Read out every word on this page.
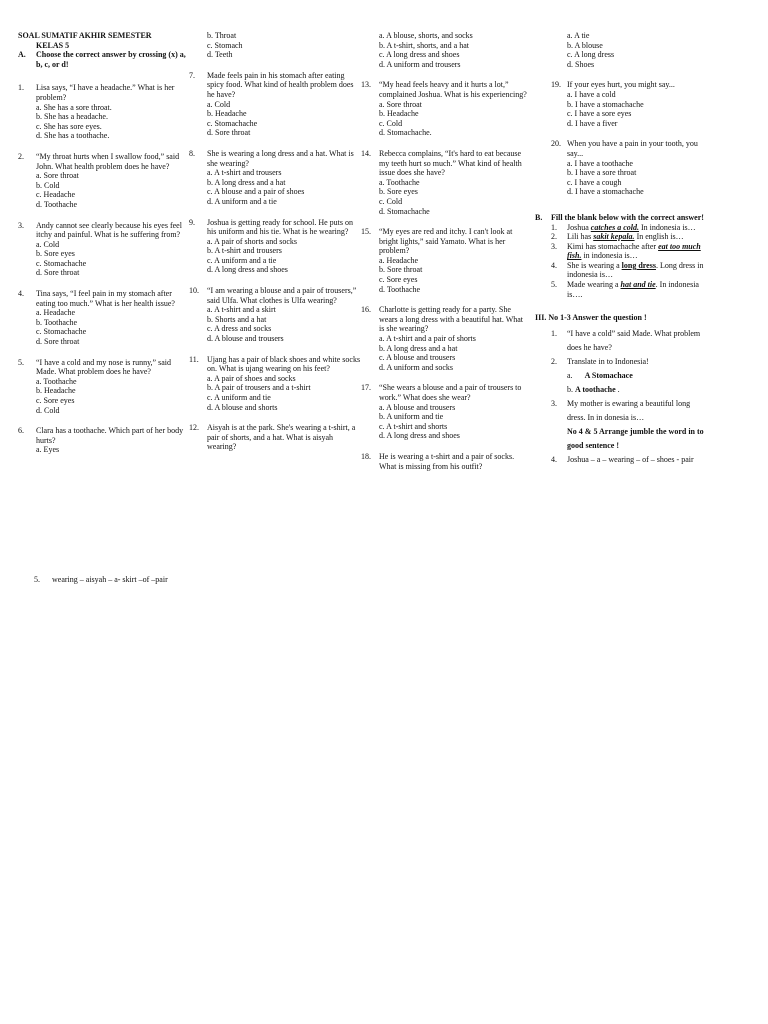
SOAL SUMATIF AKHIR SEMESTER
KELAS 5
A. Choose the correct answer by crossing (x) a, b, c, or d!
1. Lisa says, “I have a headache.” What is her problem?
a. She has a sore throat.
b. She has a headache.
c. She has sore eyes.
d. She has a toothache.
2. “My throat hurts when I swallow food,” said John. What health problem does he have?
a. Sore throat
b. Cold
c. Headache
d. Toothache
3. Andy cannot see clearly because his eyes feel itchy and painful. What is he suffering from?
a. Cold
b. Sore eyes
c. Stomachache
d. Sore throat
4. Tina says, “I feel pain in my stomach after eating too much.” What is her health issue?
a. Headache
b. Toothache
c. Stomachache
d. Sore throat
5. “I have a cold and my nose is runny,” said Made. What problem does he have?
a. Toothache
b. Headache
c. Sore eyes
d. Cold
6. Clara has a toothache. Which part of her body hurts?
a. Eyes
b. Throat
c. Stomach
d. Teeth
7. Made feels pain in his stomach after eating spicy food. What kind of health problem does he have?
a. Cold
b. Headache
c. Stomachache
d. Sore throat
8. She is wearing a long dress and a hat. What is she wearing?
a. A t-shirt and trousers
b. A long dress and a hat
c. A blouse and a pair of shoes
d. A uniform and a tie
9. Joshua is getting ready for school. He puts on his uniform and his tie. What is he wearing?
a. A pair of shorts and socks
b. A t-shirt and trousers
c. A uniform and a tie
d. A long dress and shoes
10. “I am wearing a blouse and a pair of trousers,” said Ulfa. What clothes is Ulfa wearing?
a. A t-shirt and a skirt
b. Shorts and a hat
c. A dress and socks
d. A blouse and trousers
11. Ujang has a pair of black shoes and white socks on. What is ujang wearing on his feet?
a. A pair of shoes and socks
b. A pair of trousers and a t-shirt
c. A uniform and tie
d. A blouse and shorts
12. Aisyah is at the park. She's wearing a t-shirt, a pair of shorts, and a hat. What is aisyah wearing?
a. A blouse, shorts, and socks
b. A t-shirt, shorts, and a hat
c. A long dress and shoes
d. A uniform and trousers
13. “My head feels heavy and it hurts a lot,” complained Joshua. What is his experiencing?
a. Sore throat
b. Headache
c. Cold
d. Stomachache.
14. Rebecca complains, “It's hard to eat because my teeth hurt so much.” What kind of health issue does she have?
a. Toothache
b. Sore eyes
c. Cold
d. Stomachache
15. “My eyes are red and itchy. I can't look at bright lights,” said Yamato. What is her problem?
a. Headache
b. Sore throat
c. Sore eyes
d. Toothache
16. Charlotte is getting ready for a party. She wears a long dress with a beautiful hat. What is she wearing?
a. A t-shirt and a pair of shorts
b. A long dress and a hat
c. A blouse and trousers
d. A uniform and socks
17. “She wears a blouse and a pair of trousers to work.” What does she wear?
a. A blouse and trousers
b. A uniform and tie
c. A t-shirt and shorts
d. A long dress and shoes
18. He is wearing a t-shirt and a pair of socks. What is missing from his outfit?
a. A tie
b. A blouse
c. A long dress
d. Shoes
19. If your eyes hurt, you might say...
a. I have a cold
b. I have a stomachache
c. I have a sore eyes
d. I have a fiver
20. When you have a pain in your tooth, you say...
a. I have a toothache
b. I have a sore throat
c. I have a cough
d. I have a stomachache
B. Fill the blank below with the correct answer!
1. Joshua catches a cold. In indonesia is…
2. Lili has sakit kepala. In english is…
3. Kimi has stomachache after eat too much fish. in indonesia is…
4. She is wearing a long dress. Long dress in indonesia is…
5. Made wearing a hat and tie. In indonesia is….
III. No 1-3 Answer the question !
1. “I have a cold” said Made. What problem does he have?
2. Translate in to Indonesia!
a. A Stomachace
b. A toothache .
3. My mother is ewaring a beautiful long dress. In in donesia is…
No 4 & 5 Arrange jumble the word in to good sentence !
4. Joshua – a – wearing – of – shoes - pair
5. wearing – aisyah – a- skirt –of –pair
